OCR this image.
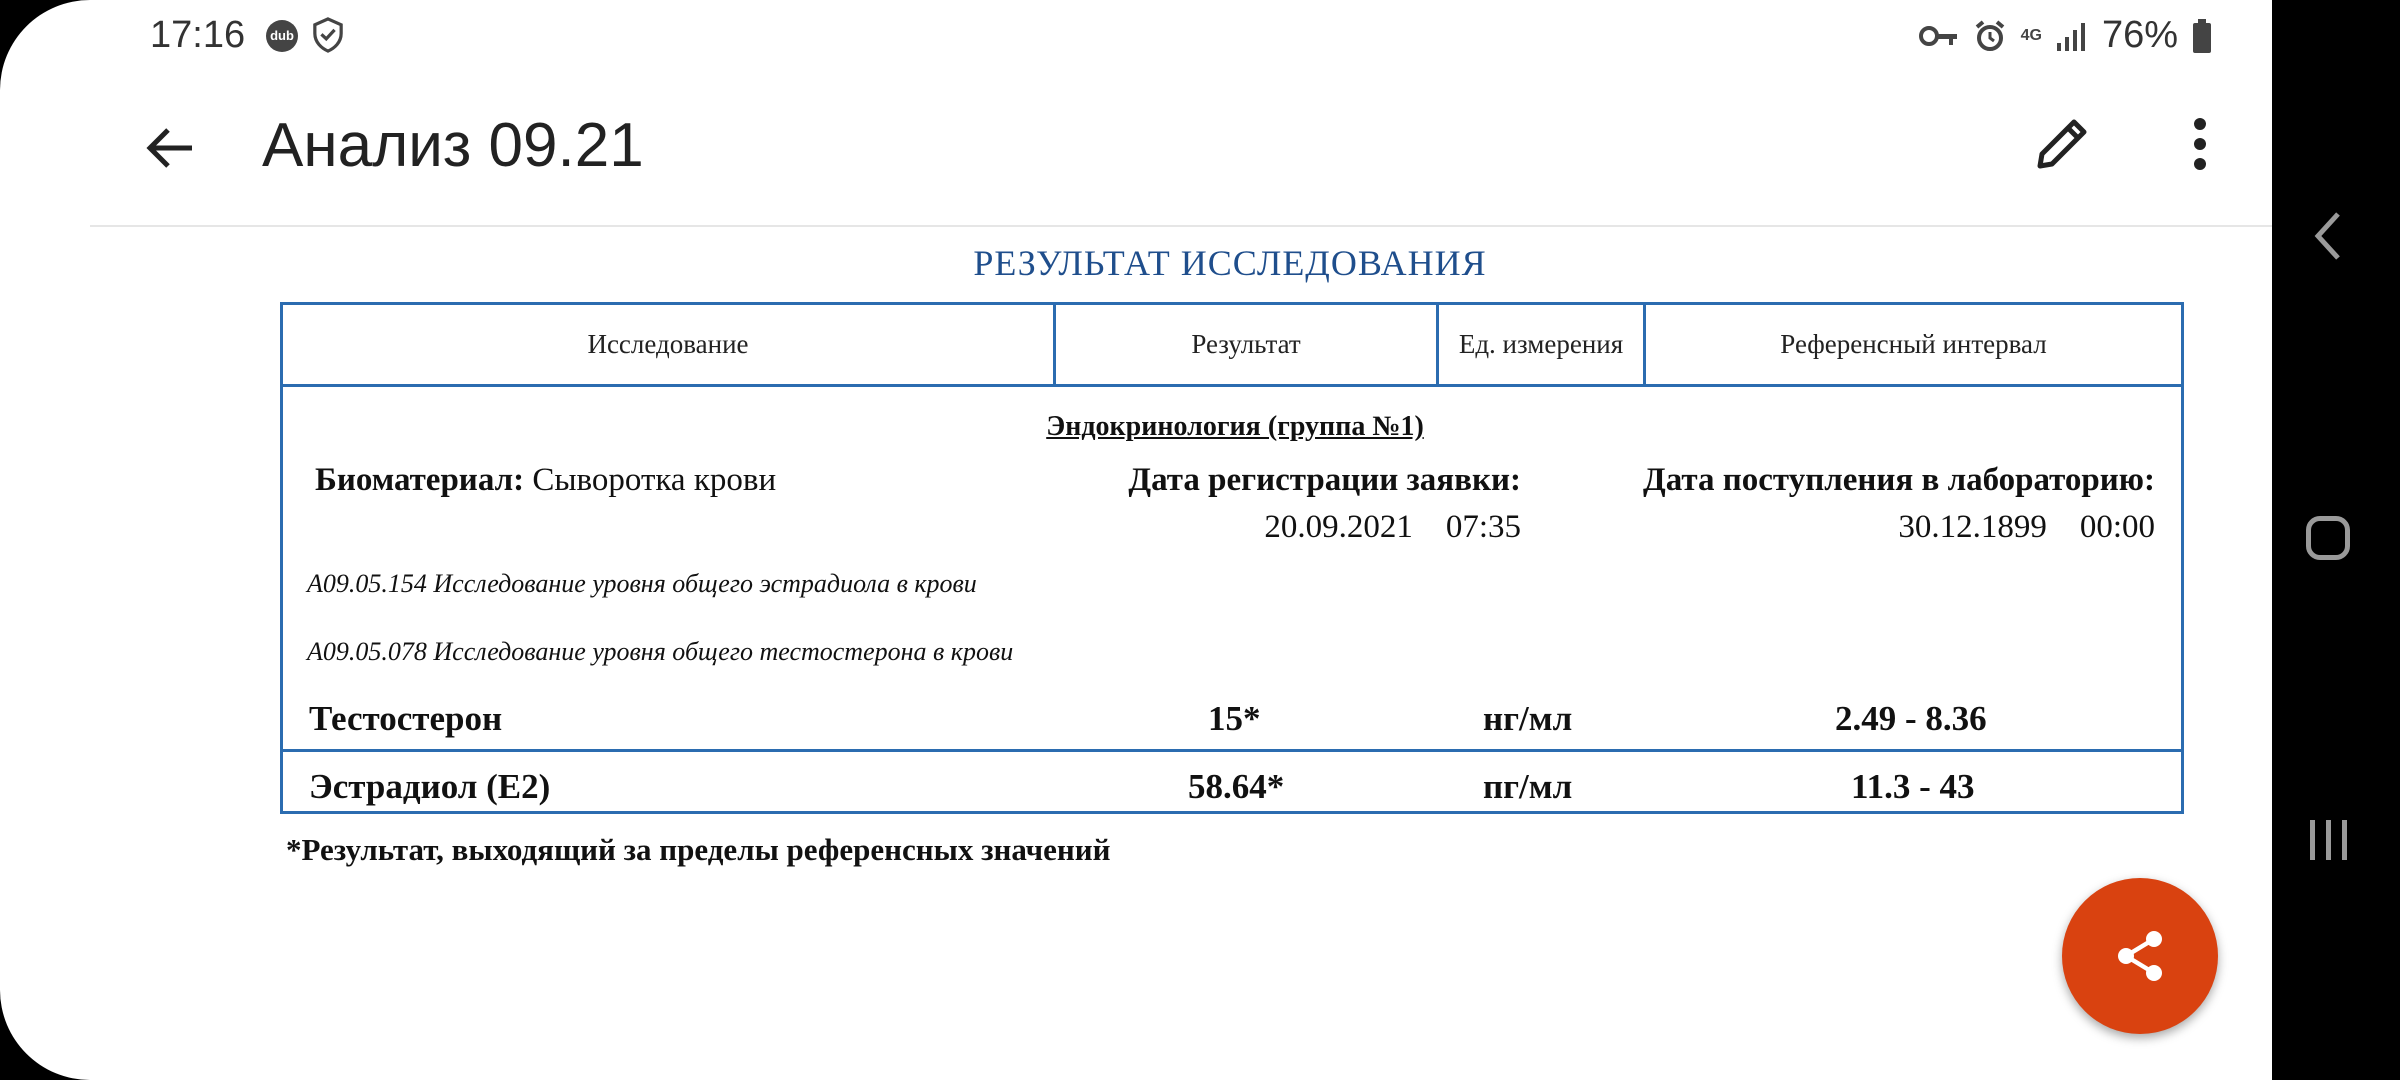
17:16	dub	4G 76%
Анализ 09.21
РЕЗУЛЬТАТ ИССЛЕДОВАНИЯ
Исследование	Результат	Ед. измерения	Референсный интервал
Эндокринология (группа №1)
Биоматериал: Сыворотка крови	Дата регистрации заявки:
20.09.2021    07:35
Дата поступления в лабораторию:
30.12.1899    00:00
A09.05.154 Исследование уровня общего эстрадиола в крови
A09.05.078 Исследование уровня общего тестостерона в крови
Тестостерон	15*	нг/мл	2.49 - 8.36
Эстрадиол (E2)	58.64*	пг/мл	11.3 - 43
*Результат, выходящий за пределы референсных значений
